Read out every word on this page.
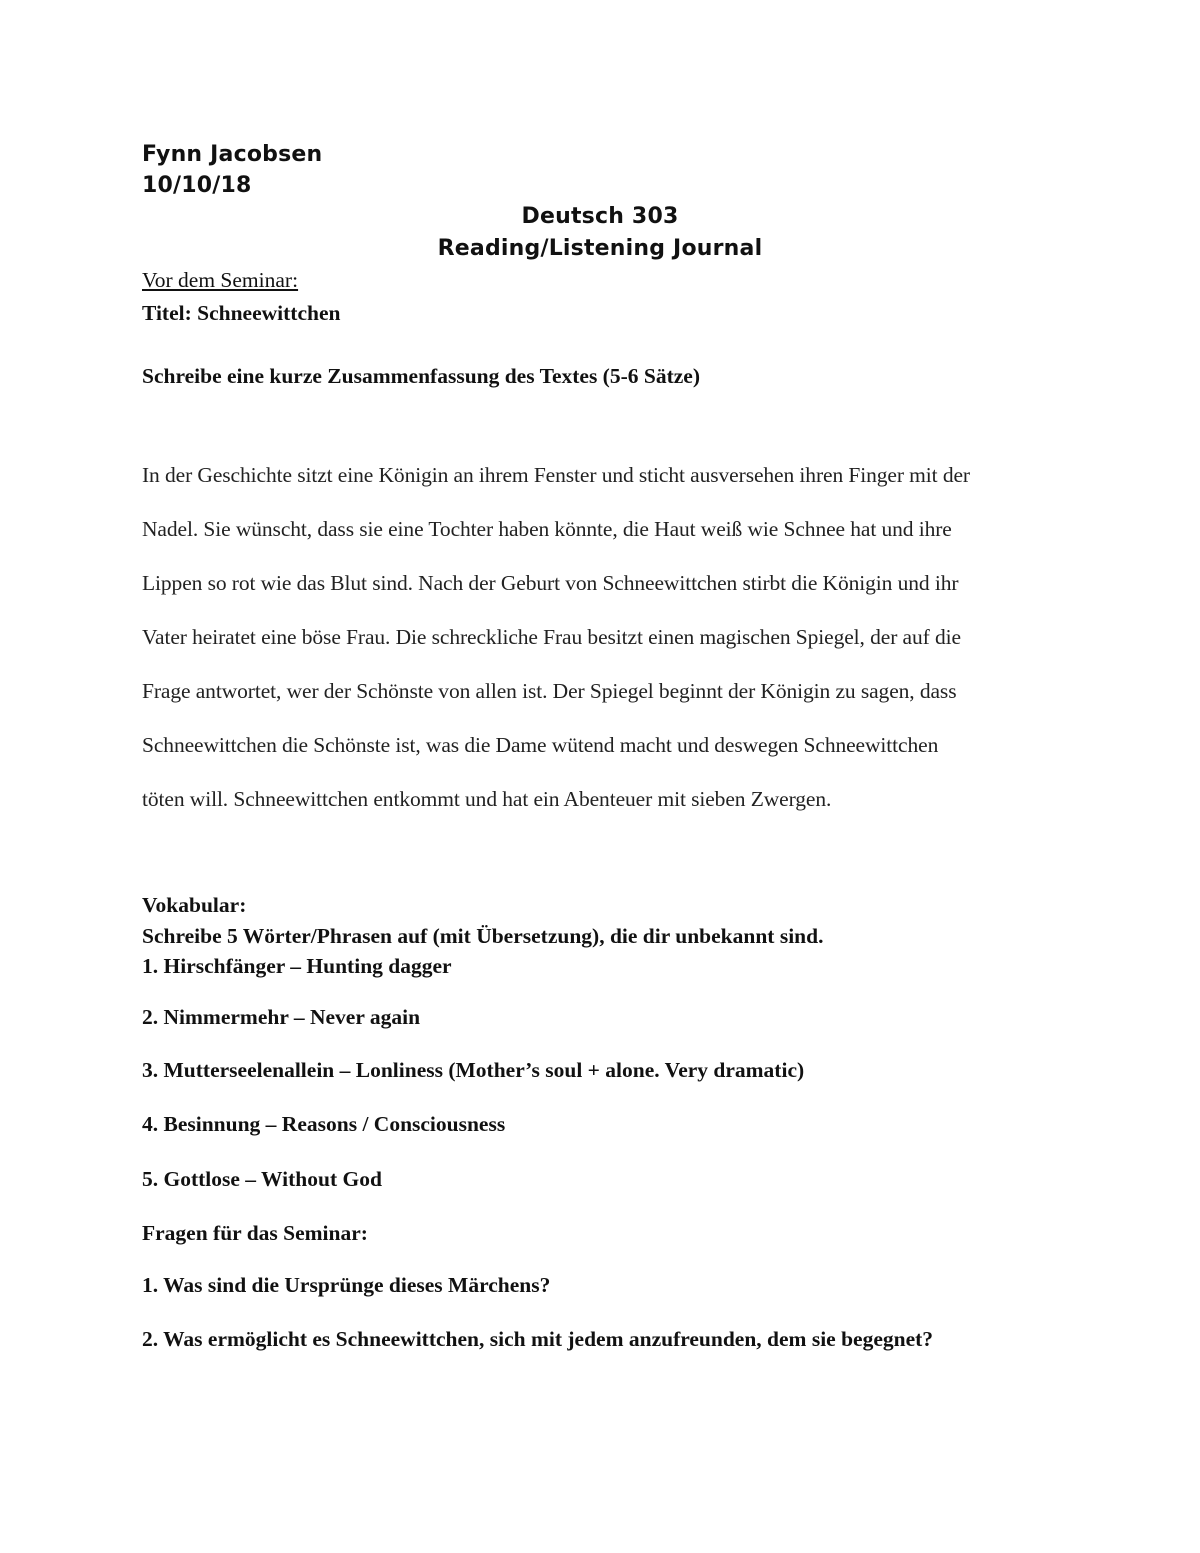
Fynn Jacobsen
10/10/18
Deutsch 303
Reading/Listening Journal
Vor dem Seminar:
Titel: Schneewittchen
Schreibe eine kurze Zusammenfassung des Textes (5-6 Sätze)
In der Geschichte sitzt eine Königin an ihrem Fenster und sticht ausversehen ihren Finger mit der
Nadel. Sie wünscht, dass sie eine Tochter haben könnte, die Haut weiß wie Schnee hat und ihre
Lippen so rot wie das Blut sind. Nach der Geburt von Schneewittchen stirbt die Königin und ihr
Vater heiratet eine böse Frau. Die schreckliche Frau besitzt einen magischen Spiegel, der auf die
Frage antwortet, wer der Schönste von allen ist. Der Spiegel beginnt der Königin zu sagen, dass
Schneewittchen die Schönste ist, was die Dame wütend macht und deswegen Schneewittchen
töten will. Schneewittchen entkommt und hat ein Abenteuer mit sieben Zwergen.
Vokabular:
Schreibe 5 Wörter/Phrasen auf (mit Übersetzung), die dir unbekannt sind.
1. Hirschfänger – Hunting dagger
2. Nimmermehr – Never again
3. Mutterseelenallein – Lonliness (Mother’s soul + alone. Very dramatic)
4. Besinnung – Reasons / Consciousness
5. Gottlose – Without God
Fragen für das Seminar:
1. Was sind die Ursprünge dieses Märchens?
2. Was ermöglicht es Schneewittchen, sich mit jedem anzufreunden, dem sie begegnet?
